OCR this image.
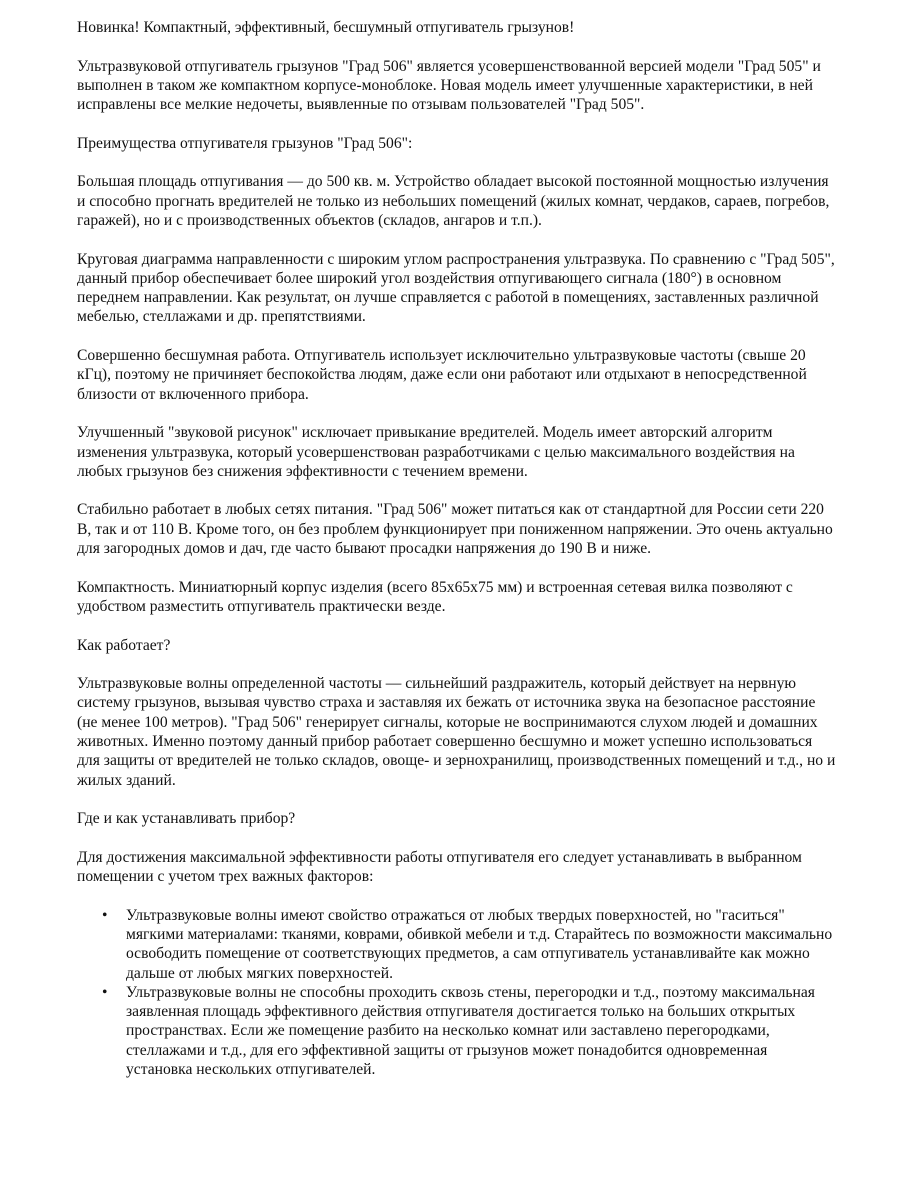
Новинка! Компактный, эффективный, бесшумный отпугиватель грызунов!

Ультразвуковой отпугиватель грызунов "Град 506" является усовершенствованной версией модели "Град 505" и выполнен в таком же компактном корпусе-моноблоке. Новая модель имеет улучшенные характеристики, в ней исправлены все мелкие недочеты, выявленные по отзывам пользователей "Град 505".

Преимущества отпугивателя грызунов "Град 506":

Большая площадь отпугивания — до 500 кв. м. Устройство обладает высокой постоянной мощностью излучения и способно прогнать вредителей не только из небольших помещений (жилых комнат, чердаков, сараев, погребов, гаражей), но и с производственных объектов (складов, ангаров и т.п.).

Круговая диаграмма направленности с широким углом распространения ультразвука. По сравнению с "Град 505", данный прибор обеспечивает более широкий угол воздействия отпугивающего сигнала (180°) в основном переднем направлении. Как результат, он лучше справляется с работой в помещениях, заставленных различной мебелью, стеллажами и др. препятствиями.

Совершенно бесшумная работа. Отпугиватель использует исключительно ультразвуковые частоты (свыше 20 кГц), поэтому не причиняет беспокойства людям, даже если они работают или отдыхают в непосредственной близости от включенного прибора.

Улучшенный "звуковой рисунок" исключает привыкание вредителей. Модель имеет авторский алгоритм изменения ультразвука, который усовершенствован разработчиками с целью максимального воздействия на любых грызунов без снижения эффективности с течением времени.

Стабильно работает в любых сетях питания. "Град 506" может питаться как от стандартной для России сети 220 В, так и от 110 В. Кроме того, он без проблем функционирует при пониженном напряжении. Это очень актуально для загородных домов и дач, где часто бывают просадки напряжения до 190 В и ниже.

Компактность. Миниатюрный корпус изделия (всего 85х65х75 мм) и встроенная сетевая вилка позволяют с удобством разместить отпугиватель практически везде.

Как работает?

Ультразвуковые волны определенной частоты — сильнейший раздражитель, который действует на нервную систему грызунов, вызывая чувство страха и заставляя их бежать от источника звука на безопасное расстояние (не менее 100 метров). "Град 506" генерирует сигналы, которые не воспринимаются слухом людей и домашних животных. Именно поэтому данный прибор работает совершенно бесшумно и может успешно использоваться для защиты от вредителей не только складов, овоще- и зернохранилищ, производственных помещений и т.д., но и жилых зданий.

Где и как устанавливать прибор?

Для достижения максимальной эффективности работы отпугивателя его следует устанавливать в выбранном помещении с учетом трех важных факторов:

• Ультразвуковые волны имеют свойство отражаться от любых твердых поверхностей, но "гаситься" мягкими материалами: тканями, коврами, обивкой мебели и т.д. Старайтесь по возможности максимально освободить помещение от соответствующих предметов, а сам отпугиватель устанавливайте как можно дальше от любых мягких поверхностей.
• Ультразвуковые волны не способны проходить сквозь стены, перегородки и т.д., поэтому максимальная заявленная площадь эффективного действия отпугивателя достигается только на больших открытых пространствах. Если же помещение разбито на несколько комнат или заставлено перегородками, стеллажами и т.д., для его эффективной защиты от грызунов может понадобится одновременная установка нескольких отпугивателей.
